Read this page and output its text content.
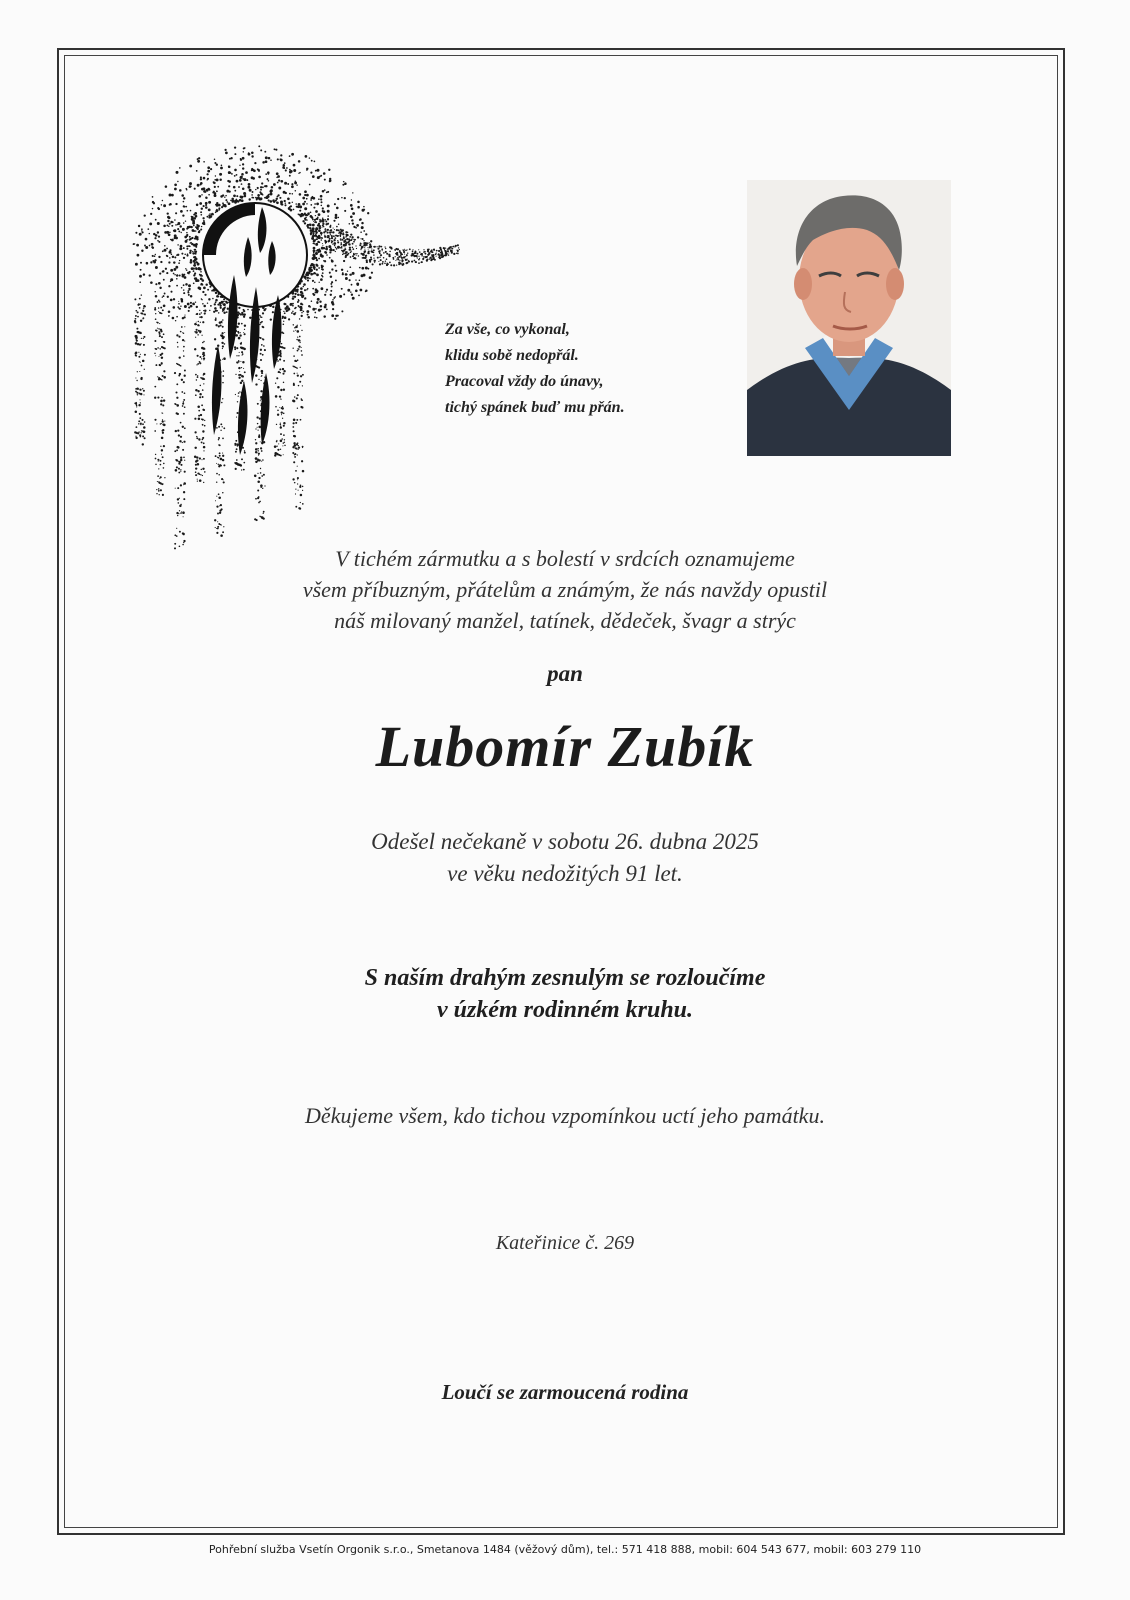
Za vše, co vykonal,
klidu sobě nedopřál.
Pracoval vždy do únavy,
tichý spánek buď mu přán.
V tichém zármutku a s bolestí v srdcích oznamujeme
všem příbuzným, přátelům a známým, že nás navždy opustil
náš milovaný manžel, tatínek, dědeček, švagr a strýc
pan
Lubomír Zubík
Odešel nečekaně v sobotu 26. dubna 2025
ve věku nedožitých 91 let.
S naším drahým zesnulým se rozloučíme
v úzkém rodinném kruhu.
Děkujeme všem, kdo tichou vzpomínkou uctí jeho památku.
Kateřinice č. 269
Loučí se zarmoucená rodina
Pohřební služba Vsetín Orgonik s.r.o., Smetanova 1484 (věžový dům), tel.: 571 418 888, mobil: 604 543 677, mobil: 603 279 110
